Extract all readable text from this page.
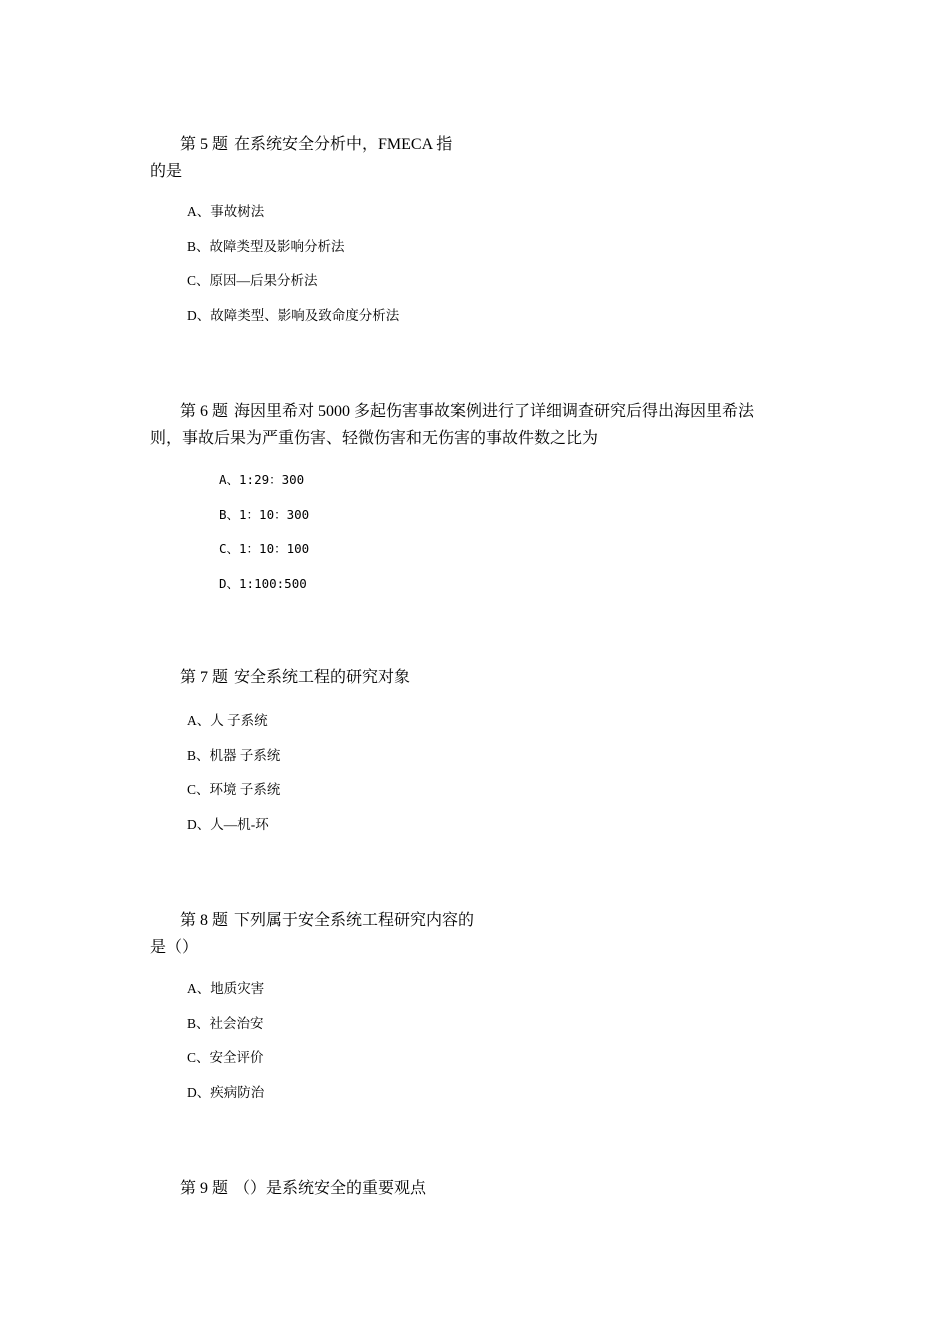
第 5 题 在系统安全分析中，FMECA 指
的是
A、事故树法
B、故障类型及影响分析法
C、原因—后果分析法
D、故障类型、影响及致命度分析法
第 6 题 海因里希对 5000 多起伤害事故案例进行了详细调查研究后得出海因里希法
则，事故后果为严重伤害、轻微伤害和无伤害的事故件数之比为
A、1:29：300
B、1：10：300
C、1：10：100
D、1:100:500
第 7 题 安全系统工程的研究对象
A、人 子系统
B、机器 子系统
C、环境 子系统
D、人—机-环
第 8 题 下列属于安全系统工程研究内容的
是（）
A、地质灾害
B、社会治安
C、安全评价
D、疾病防治
第 9 题 （）是系统安全的重要观点
